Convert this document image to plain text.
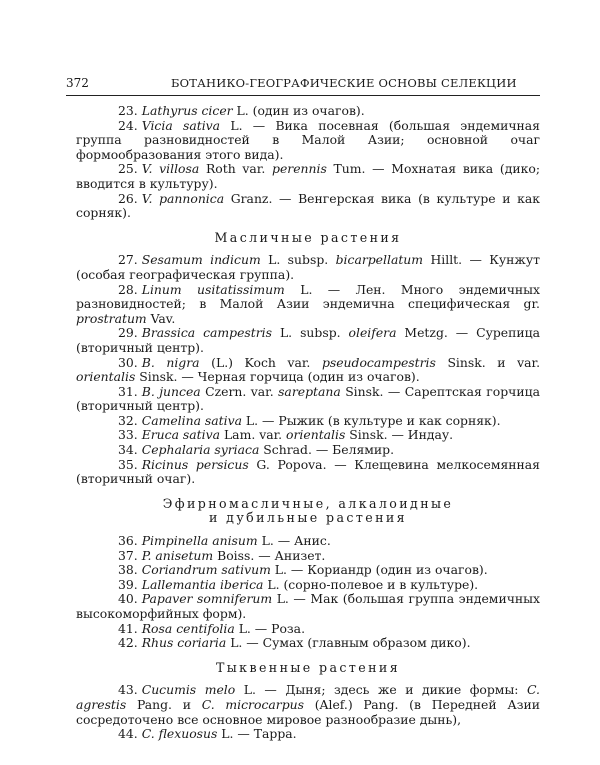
372	БОТАНИКО-ГЕОГРАФИЧЕСКИЕ ОСНОВЫ СЕЛЕКЦИИ

23. Lathyrus cicer L. (один из очагов).

24. Vicia sativa L. — Вика посевная (большая эндемичная группа разновидностей в Малой Азии; основной очаг формообразования этого вида).

25. V. villosa Roth var. perennis Tum. — Мохнатая вика (дико; вводится в культуру).

26. V. pannonica Granz. — Венгерская вика (в культуре и как сорняк).

Масличные растения

27. Sesamum indicum L. subsp. bicarpellatum Hillt. — Кунжут (особая географическая группа).

28. Linum usitatissimum L. — Лен. Много эндемичных разновидностей; в Малой Азии эндемична специфическая gr. prostratum Vav.

29. Brassica campestris L. subsp. oleifera Metzg. — Сурепица (вторичный центр).

30. B. nigra (L.) Koch var. pseudocampestris Sinsk. и var. orientalis Sinsk. — Черная горчица (один из очагов).

31. B. juncea Czern. var. sareptana Sinsk. — Сарептская горчица (вторичный центр).

32. Camelina sativa L. — Рыжик (в культуре и как сорняк).

33. Eruca sativa Lam. var. orientalis Sinsk. — Индау.

34. Cephalaria syriaca Schrad. — Белямир.

35. Ricinus persicus G. Popova. — Клещевина мелкосемянная (вторичный очаг).

Эфирномасличные, алкалоидные

и дубильные растения

36. Pimpinella anisum L. — Анис.

37. P. anisetum Boiss. — Анизет.

38. Coriandrum sativum L. — Кориандр (один из очагов).

39. Lallemantia iberica L. (сорно-полевое и в культуре).

40. Papaver somniferum L. — Мак (большая группа эндемичных высокоморфийных форм).

41. Rosa centifolia L. — Роза.

42. Rhus coriaria L. — Сумах (главным образом дико).

Тыквенные растения

43. Cucumis melo L. — Дыня; здесь же и дикие формы: C. agrestis Pang. и C. microcarpus (Alef.) Pang. (в Передней Азии сосредоточено все основное мировое разнообразие дынь),

44. C. flexuosus L. — Тарра.
